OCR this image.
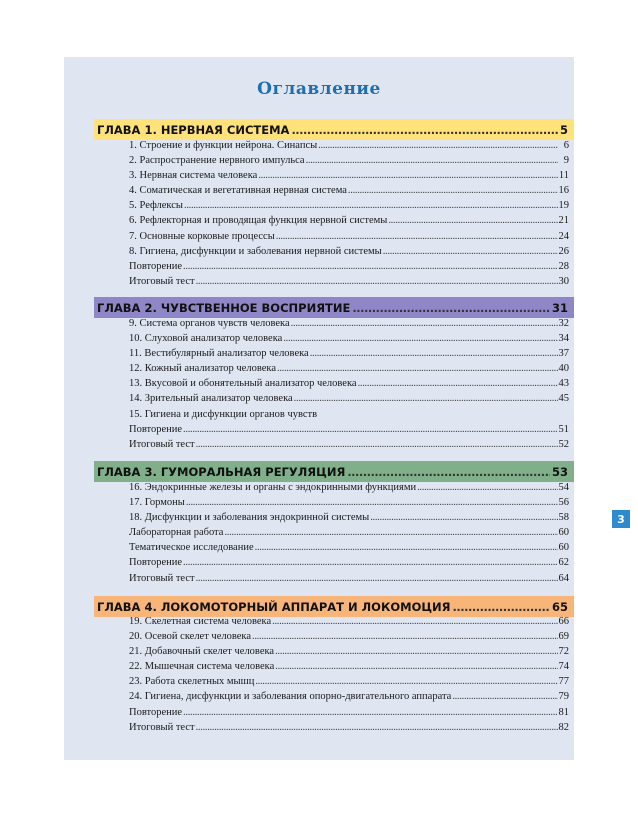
Оглавление
ГЛАВА 1. НЕРВНАЯ СИСТЕМА .....	5
1. Строение и функции нейрона. Синапсы .....	6
2. Распространение нервного импульса .....	9
3. Нервная система человека .....	11
4. Соматическая и вегетативная нервная система .....	16
5. Рефлексы .....	19
6. Рефлекторная и проводящая функция нервной системы .....	21
7. Основные корковые процессы .....	24
8. Гигиена, дисфункции и заболевания нервной системы .....	26
Повторение .....	28
Итоговый тест .....	30
ГЛАВА 2. ЧУВСТВЕННОЕ ВОСПРИЯТИЕ .....	31
9. Система органов чувств человека .....	32
10. Слуховой анализатор человека .....	34
11. Вестибулярный анализатор человека .....	37
12. Кожный анализатор человека .....	40
13. Вкусовой и обонятельный анализатор человека .....	43
14. Зрительный анализатор человека .....	45
15. Гигиена и дисфункции органов чувств
Повторение .....	51
Итоговый тест .....	52
ГЛАВА 3. ГУМОРАЛЬНАЯ РЕГУЛЯЦИЯ .....	53
16. Эндокринные железы и органы с эндокринными функциями .....	54
17. Гормоны .....	56
18. Дисфункции и заболевания эндокринной системы .....	58
Лабораторная работа .....	60
Тематическое исследование .....	60
Повторение .....	62
Итоговый тест .....	64
ГЛАВА 4. ЛОКОМОТОРНЫЙ АППАРАТ И ЛОКОМОЦИЯ .....	65
19. Скелетная система человека .....	66
20. Осевой скелет человека .....	69
21. Добавочный скелет человека .....	72
22. Мышечная система человека .....	74
23. Работа скелетных мышц .....	77
24. Гигиена, дисфункции и заболевания опорно-двигательного аппарата .....	79
Повторение .....	81
Итоговый тест .....	82
3
